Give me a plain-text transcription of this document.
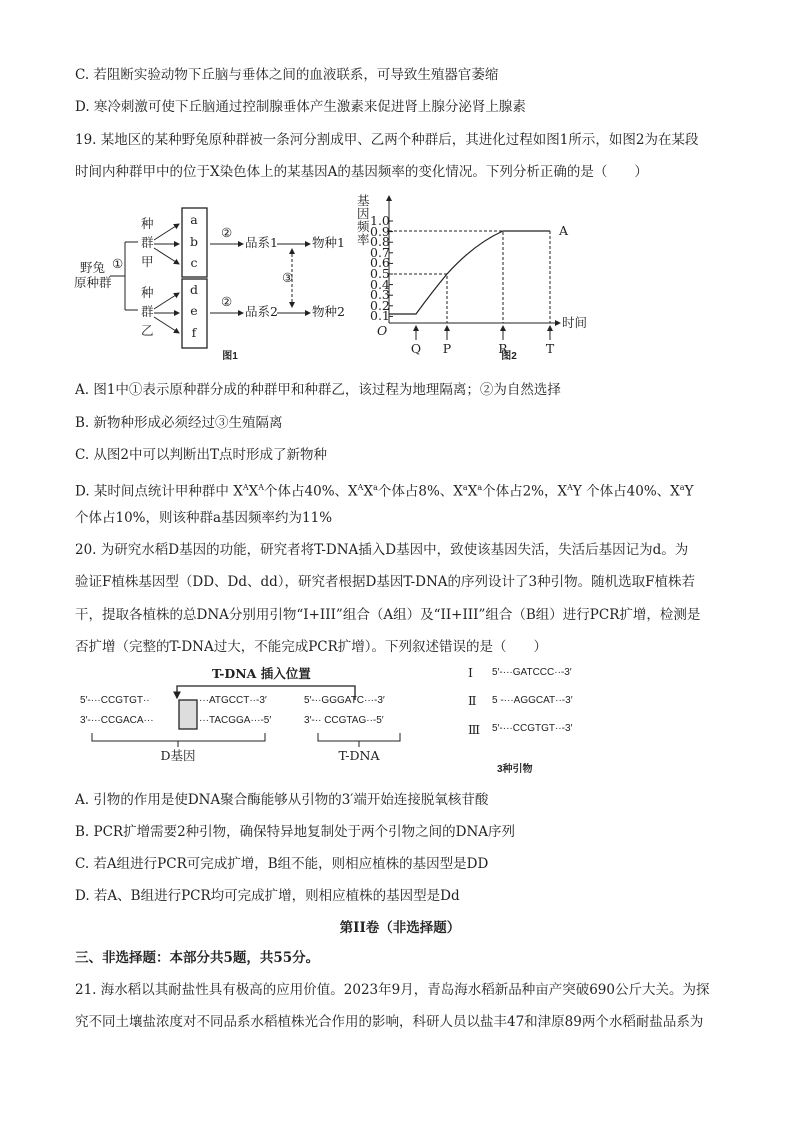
C. 若阻断实验动物下丘脑与垂体之间的血液联系，可导致生殖器官萎缩
D. 寒冷刺激可使下丘脑通过控制腺垂体产生激素来促进肾上腺分泌肾上腺素
19. 某地区的某种野兔原种群被一条河分割成甲、乙两个种群后，其进化过程如图1所示，如图2为在某段
时间内种群甲中的位于X染色体上的某基因A的基因频率的变化情况。下列分析正确的是（　　）
野兔
原种群
①
种
群
甲
种
群
乙
a
b
c
d
e
f
②
②
品系1
品系2
③
物种1
物种2
图1
基
因
频
率
1.0
0.9
0.8
0.7
0.6
0.5
0.4
0.3
0.2
0.1
O
时间
Q P	R	T
A
图2
A. 图1中①表示原种群分成的种群甲和种群乙，该过程为地理隔离；②为自然选择
B. 新物种形成必须经过③生殖隔离
C. 从图2中可以判断出T点时形成了新物种
D. 某时间点统计甲种群中 $X^AX^A$个体占40%、$X^AX^a$个体占8%、$X^aX^a$个体占2%，$X^AY$ 个体占40%、$X^aY$
个体占10%，则该种群a基因频率约为11%
20. 为研究水稻D基因的功能，研究者将T-DNA插入D基因中，致使该基因失活，失活后基因记为d。为
验证F植株基因型（DD、Dd、dd），研究者根据D基因T-DNA的序列设计了3种引物。随机选取F植株若
干，提取各植株的总DNA分别用引物“I+III”组合（A组）及“II+III”组合（B组）进行PCR扩增，检测是
否扩增（完整的T-DNA过大，不能完成PCR扩增）。下列叙述错误的是（　　）
T-DNA 插入位置
5′-···CCGTGT··	···ATGCCT··-3′
3′-···CCGACA···	···TACGGA···-5′
D基因
5′-··GGGATC···-3′
3′-·· CCGTAG··-5′
T-DNA
Ⅰ 5′-···GATCCC··-3′
Ⅱ 5 -···AGGCAT··-3′
Ⅲ 5′-···CCGTGT··-3′
3种引物
A. 引物的作用是使DNA聚合酶能够从引物的3′端开始连接脱氧核苷酸
B. PCR扩增需要2种引物，确保特异地复制处于两个引物之间的DNA序列
C. 若A组进行PCR可完成扩增，B组不能，则相应植株的基因型是DD
D. 若A、B组进行PCR均可完成扩增，则相应植株的基因型是Dd
第II卷（非选择题）
三、非选择题：本部分共5题，共55分。
21. 海水稻以其耐盐性具有极高的应用价值。2023年9月，青岛海水稻新品种亩产突破690公斤大关。为探
究不同土壤盐浓度对不同品系水稻植株光合作用的影响，科研人员以盐丰47和津原89两个水稻耐盐品系为
